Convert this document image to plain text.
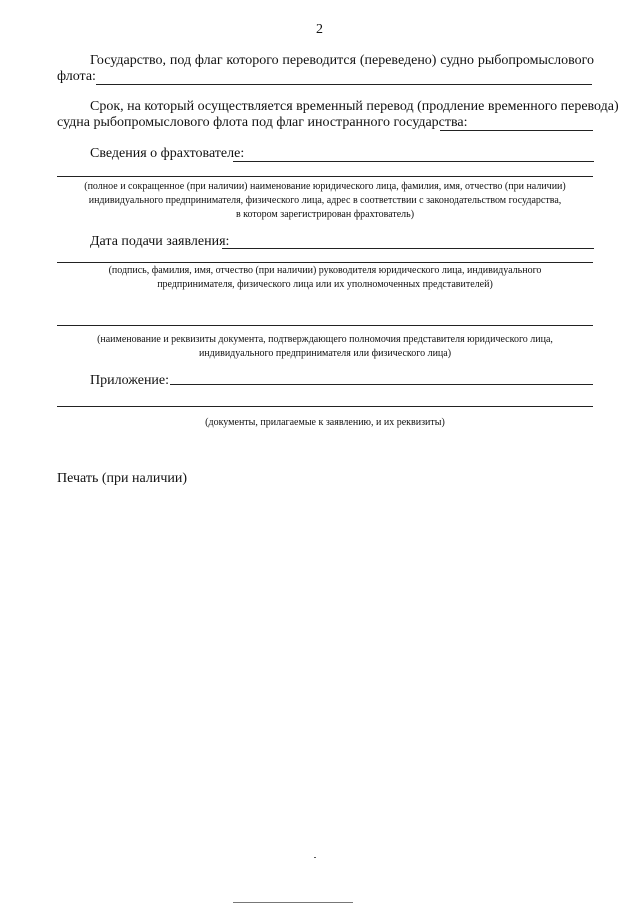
2
Государство, под флаг которого переводится (переведено) судно рыбопромыслового
флота:
Срок, на который осуществляется временный перевод (продление временного перевода)
судна рыбопромыслового флота под флаг иностранного государства:
Сведения о фрахтователе:
(полное и сокращенное (при наличии) наименование юридического лица, фамилия, имя, отчество (при наличии)
индивидуального предпринимателя, физического лица, адрес в соответствии с законодательством государства,
в котором зарегистрирован фрахтователь)
Дата подачи заявления:
(подпись, фамилия, имя, отчество (при наличии) руководителя юридического лица, индивидуального
предпринимателя, физического лица или их уполномоченных представителей)
(наименование и реквизиты документа, подтверждающего полномочия представителя юридического лица,
индивидуального предпринимателя или физического лица)
Приложение:
(документы, прилагаемые к заявлению, и их реквизиты)
Печать (при наличии)
